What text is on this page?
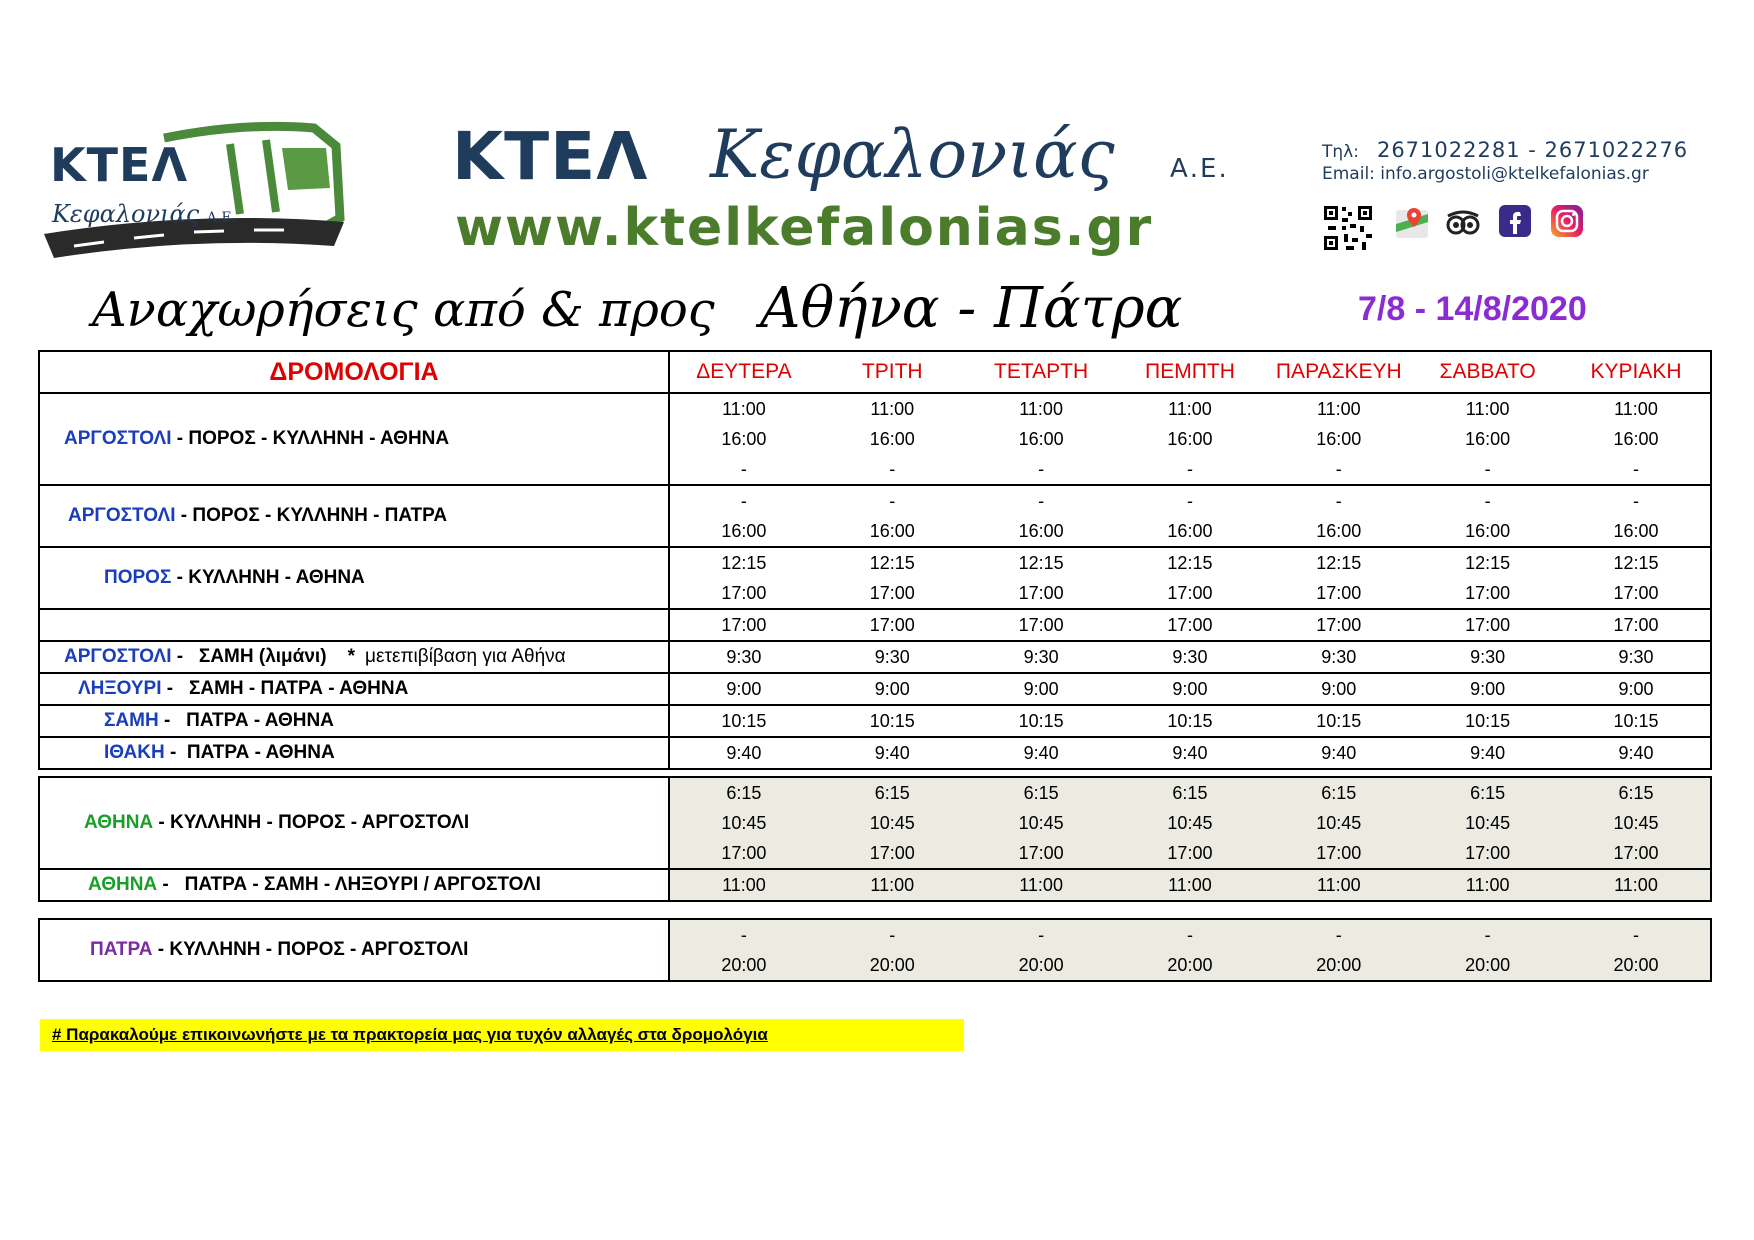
ΚΤΕΛ
Κεφαλονιάς Α.Ε.
ΚΤΕΛ Κεφαλονιάς Α.Ε.
www.ktelkefalonias.gr
Τηλ: 2671022281 - 2671022276
Email: info.argostoli@ktelkefalonias.gr
Αναχωρήσεις από & προς Αθήνα - Πάτρα	7/8 - 14/8/2020
ΔΡΟΜΟΛΟΓΙΑ	ΔΕΥΤΕΡΑ	ΤΡΙΤΗ	ΤΕΤΑΡΤΗ	ΠΕΜΠΤΗ	ΠΑΡΑΣΚΕΥΗ	ΣΑΒΒΑΤΟ	ΚΥΡΙΑΚΗ
ΑΡΓΟΣΤΟΛΙ - ΠΟΡΟΣ - ΚΥΛΛΗΝΗ - ΑΘΗΝΑ	11:00	11:00	11:00	11:00	11:00	11:00	11:00
	16:00	16:00	16:00	16:00	16:00	16:00	16:00
	-	-	-	-	-	-	-
ΑΡΓΟΣΤΟΛΙ - ΠΟΡΟΣ - ΚΥΛΛΗΝΗ - ΠΑΤΡΑ	-	-	-	-	-	-	-
	16:00	16:00	16:00	16:00	16:00	16:00	16:00
ΠΟΡΟΣ - ΚΥΛΛΗΝΗ - ΑΘΗΝΑ	12:15	12:15	12:15	12:15	12:15	12:15	12:15
	17:00	17:00	17:00	17:00	17:00	17:00	17:00
	17:00	17:00	17:00	17:00	17:00	17:00	17:00
ΑΡΓΟΣΤΟΛΙ -   ΣΑΜΗ (λιμάνι)    * μετεπιβίβαση για Αθήνα	9:30	9:30	9:30	9:30	9:30	9:30	9:30
ΛΗΞΟΥΡΙ -   ΣΑΜΗ - ΠΑΤΡΑ - ΑΘΗΝΑ	9:00	9:00	9:00	9:00	9:00	9:00	9:00
ΣΑΜΗ -   ΠΑΤΡΑ - ΑΘΗΝΑ	10:15	10:15	10:15	10:15	10:15	10:15	10:15
ΙΘΑΚΗ -  ΠΑΤΡΑ - ΑΘΗΝΑ	9:40	9:40	9:40	9:40	9:40	9:40	9:40
ΑΘΗΝΑ - ΚΥΛΛΗΝΗ - ΠΟΡΟΣ - ΑΡΓΟΣΤΟΛΙ	6:15	6:15	6:15	6:15	6:15	6:15	6:15
	10:45	10:45	10:45	10:45	10:45	10:45	10:45
	17:00	17:00	17:00	17:00	17:00	17:00	17:00
ΑΘΗΝΑ -   ΠΑΤΡΑ - ΣΑΜΗ - ΛΗΞΟΥΡΙ / ΑΡΓΟΣΤΟΛΙ	11:00	11:00	11:00	11:00	11:00	11:00	11:00
ΠΑΤΡΑ - ΚΥΛΛΗΝΗ - ΠΟΡΟΣ - ΑΡΓΟΣΤΟΛΙ	-	-	-	-	-	-	-
	20:00	20:00	20:00	20:00	20:00	20:00	20:00
# Παρακαλούμε επικοινωνήστε με τα πρακτορεία μας για τυχόν αλλαγές στα δρομολόγια
